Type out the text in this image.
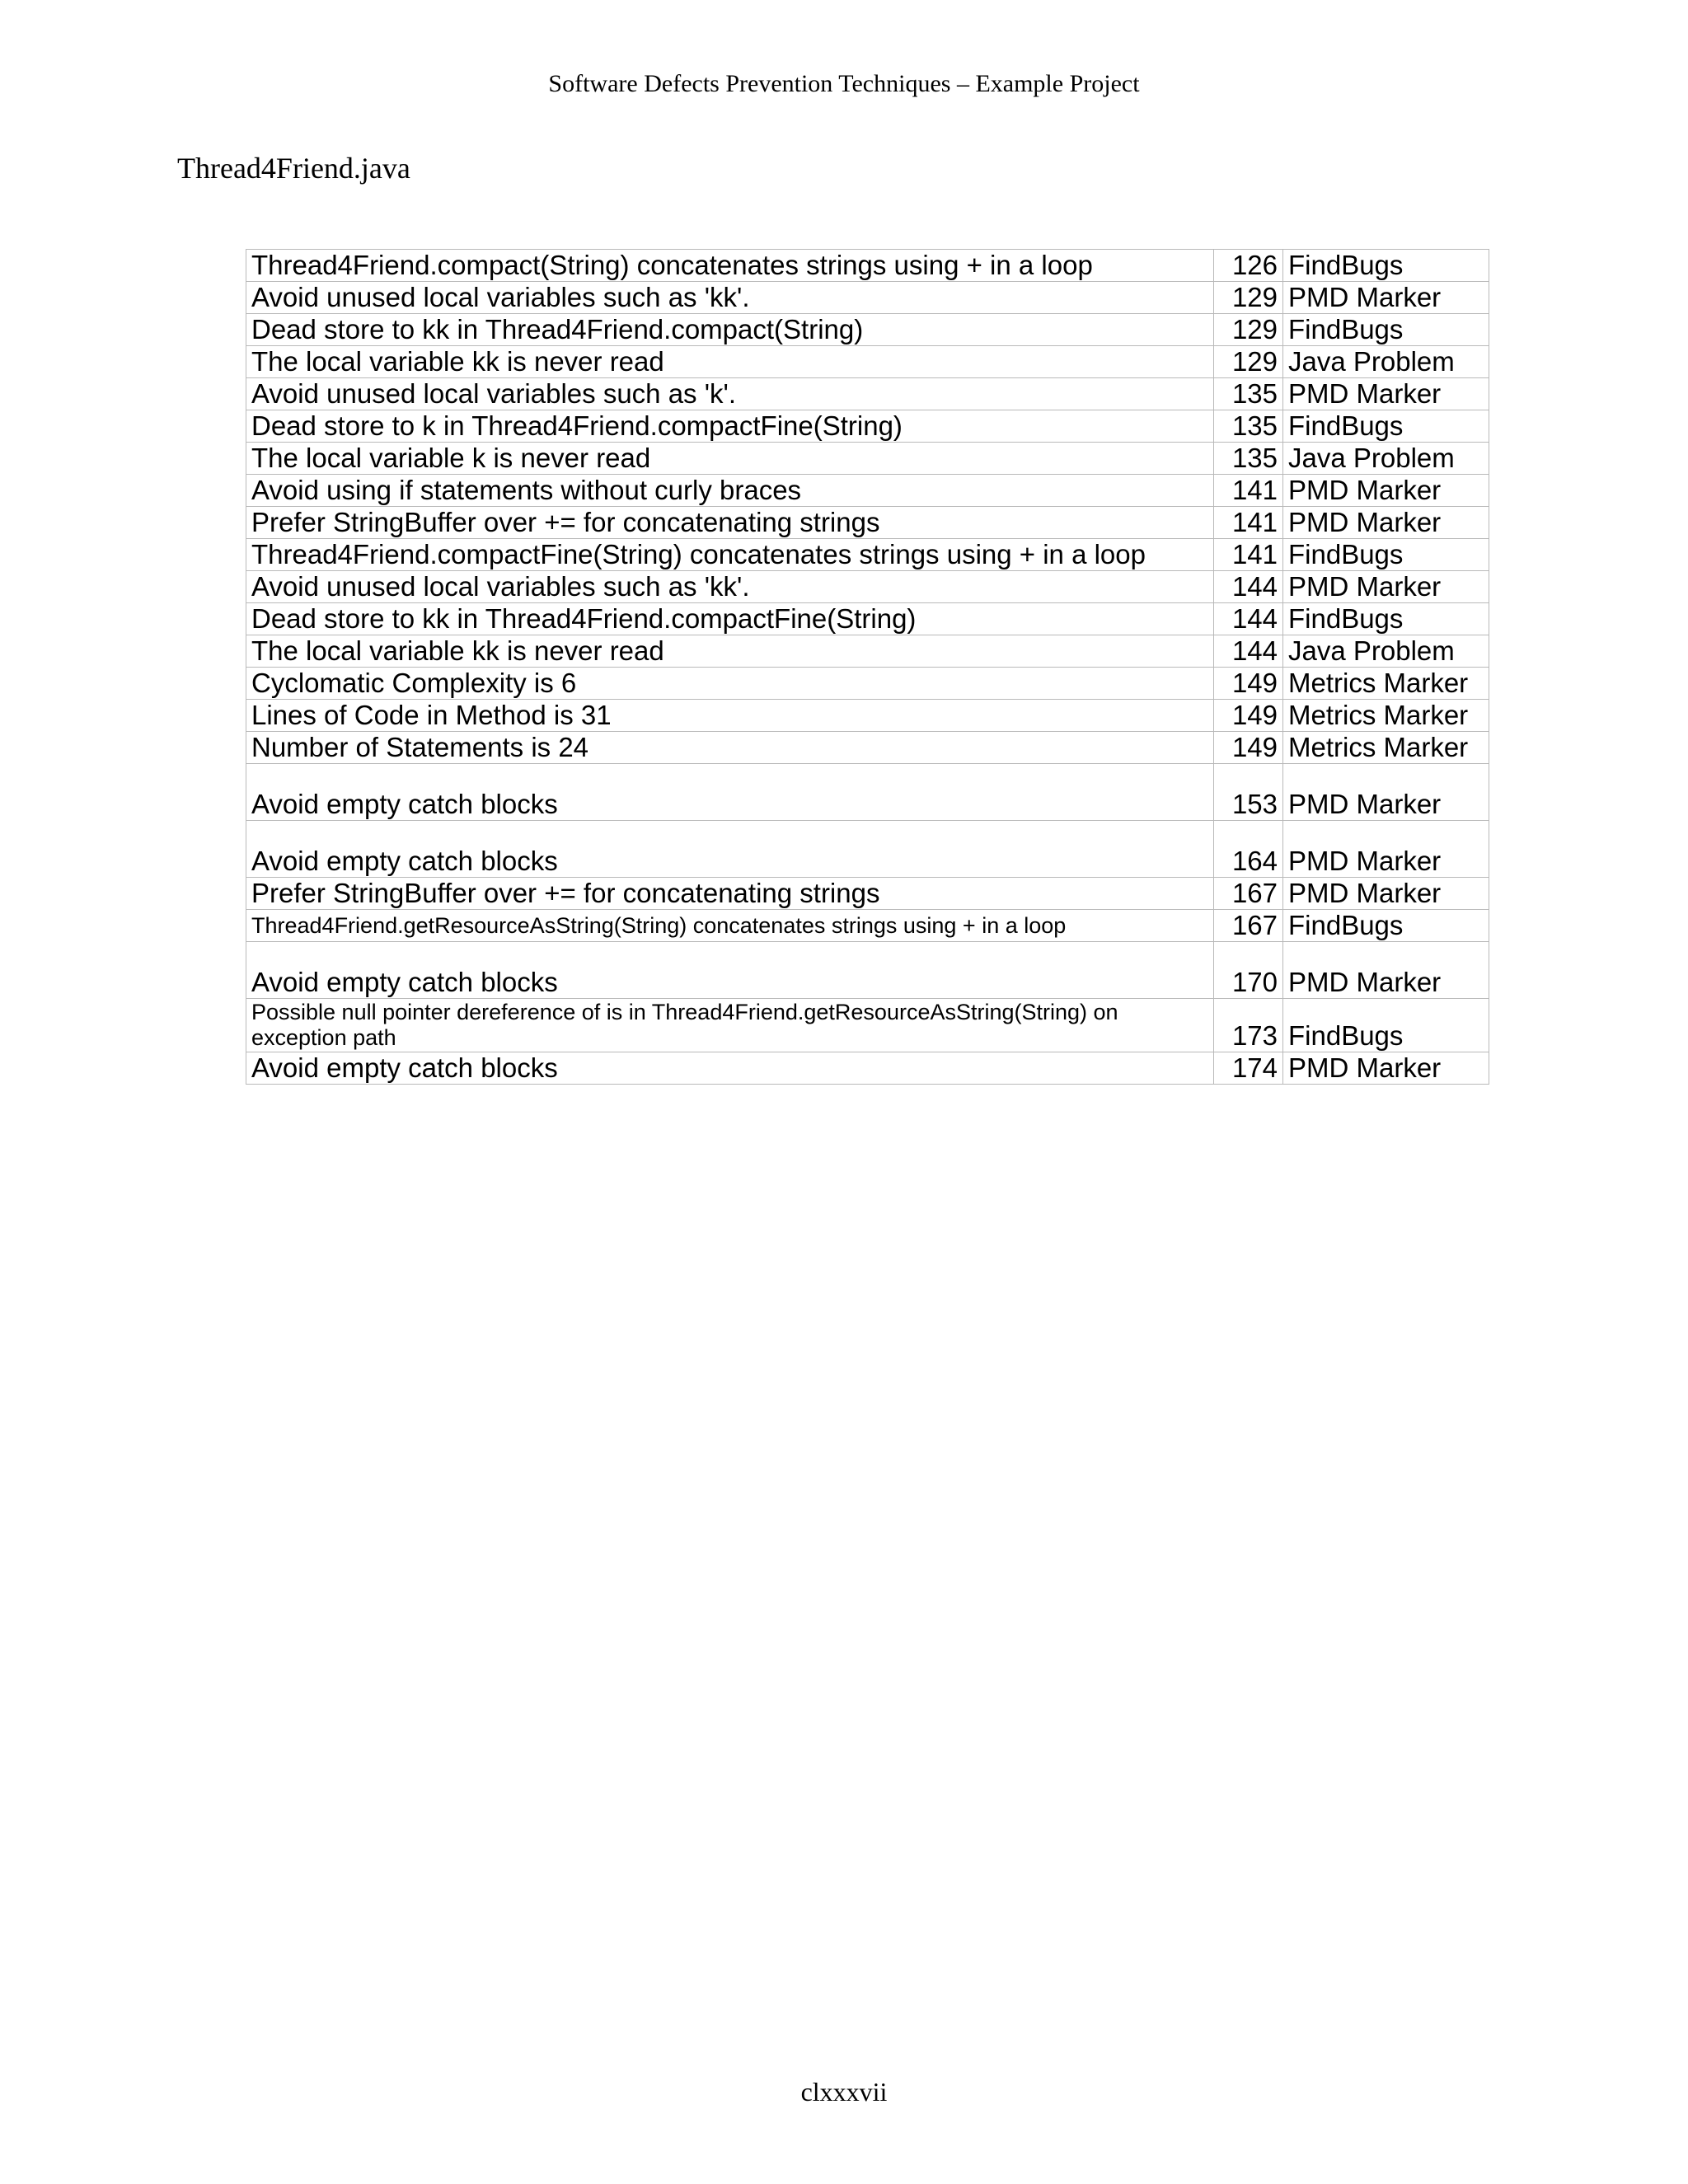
Software Defects Prevention Techniques – Example Project
Thread4Friend.java
Thread4Friend.compact(String) concatenates strings using + in a loop	126	FindBugs
Avoid unused local variables such as 'kk'.	129	PMD Marker
Dead store to kk in Thread4Friend.compact(String)	129	FindBugs
The local variable kk is never read	129	Java Problem
Avoid unused local variables such as 'k'.	135	PMD Marker
Dead store to k in Thread4Friend.compactFine(String)	135	FindBugs
The local variable k is never read	135	Java Problem
Avoid using if statements without curly braces	141	PMD Marker
Prefer StringBuffer over += for concatenating strings	141	PMD Marker
Thread4Friend.compactFine(String) concatenates strings using + in a loop	141	FindBugs
Avoid unused local variables such as 'kk'.	144	PMD Marker
Dead store to kk in Thread4Friend.compactFine(String)	144	FindBugs
The local variable kk is never read	144	Java Problem
Cyclomatic Complexity is 6	149	Metrics Marker
Lines of Code in Method is 31	149	Metrics Marker
Number of Statements is 24	149	Metrics Marker
Avoid empty catch blocks	153	PMD Marker
Avoid empty catch blocks	164	PMD Marker
Prefer StringBuffer over += for concatenating strings	167	PMD Marker
Thread4Friend.getResourceAsString(String) concatenates strings using + in a loop	167	FindBugs
Avoid empty catch blocks	170	PMD Marker
Possible null pointer dereference of is in Thread4Friend.getResourceAsString(String) on exception path	173	FindBugs
Avoid empty catch blocks	174	PMD Marker
clxxxvii
